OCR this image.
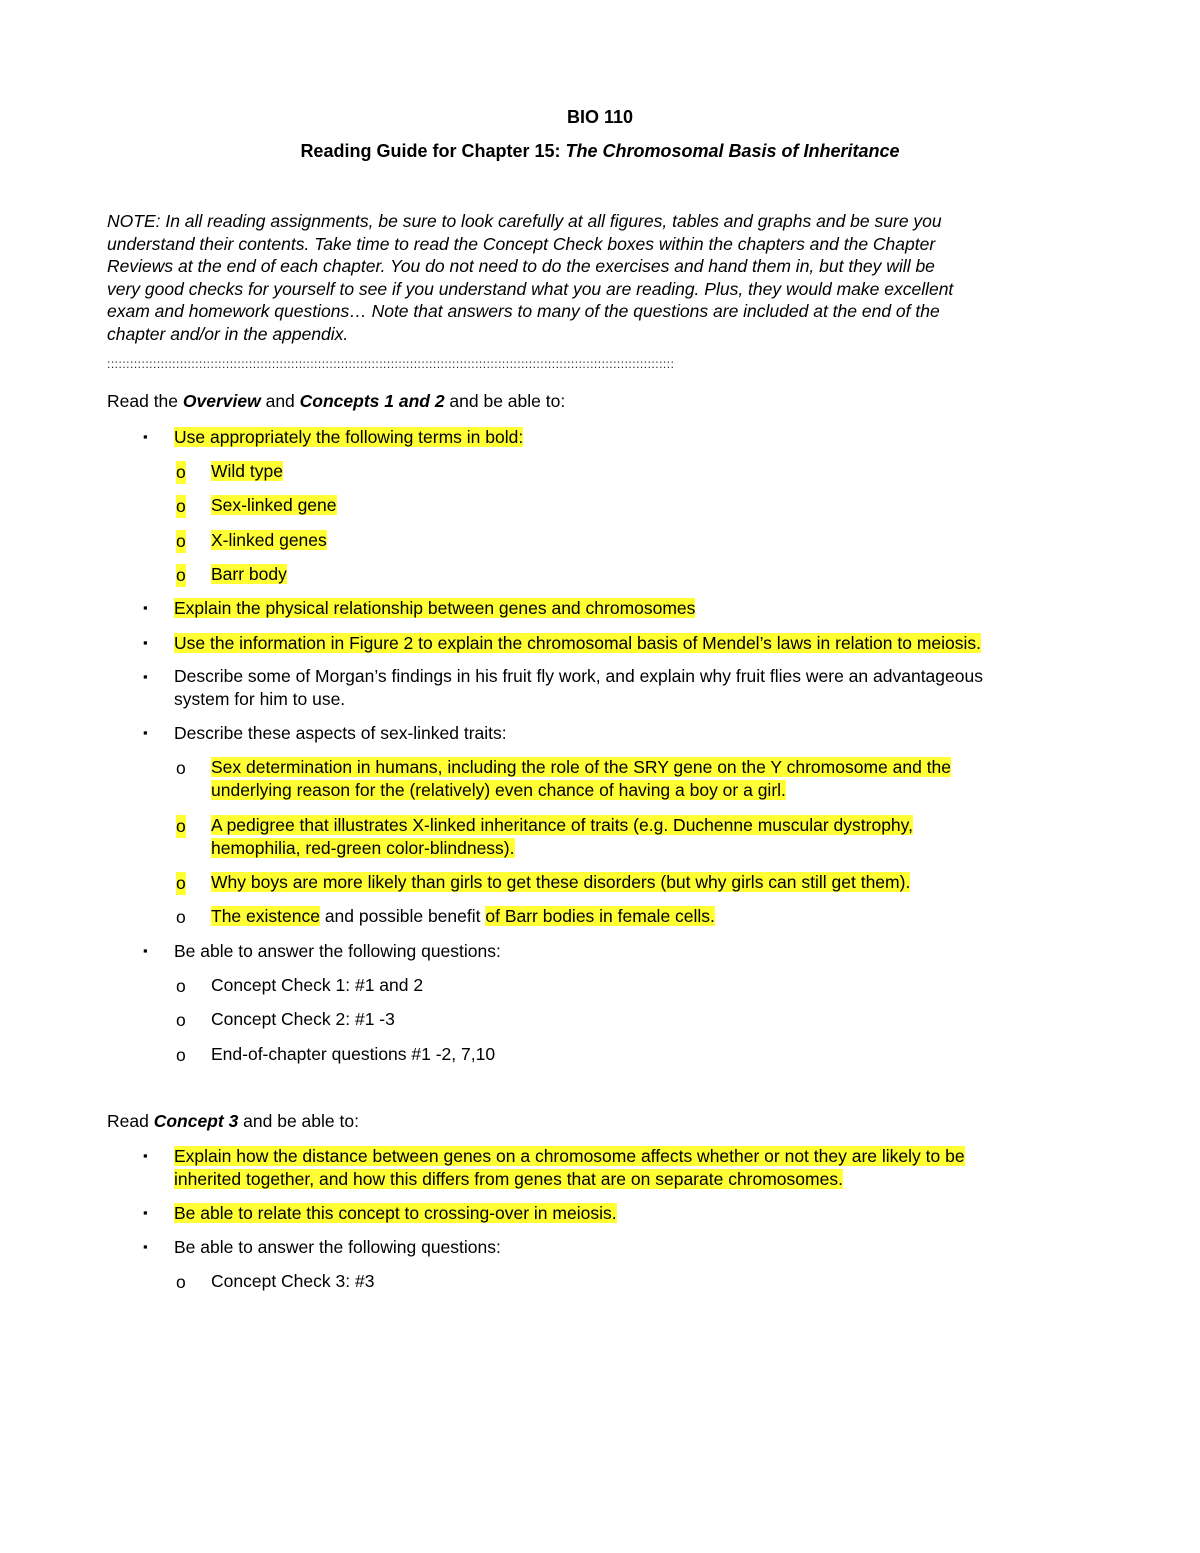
BIO 110
Reading Guide for Chapter 15: The Chromosomal Basis of Inheritance
NOTE: In all reading assignments, be sure to look carefully at all figures, tables and graphs and be sure you
understand their contents. Take time to read the Concept Check boxes within the chapters and the Chapter
Reviews at the end of each chapter. You do not need to do the exercises and hand them in, but they will be
very good checks for yourself to see if you understand what you are reading. Plus, they would make excellent
exam and homework questions… Note that answers to many of the questions are included at the end of the
chapter and/or in the appendix.
::::::::::::::::::::::::::::::::::::::::::::::::::::::::::::::::::::::::::::::::::::::::::::::::::::::::::::::::::::::::::::::::::::::::::::::::::::
Read the Overview and Concepts 1 and 2 and be able to:
▪ Use appropriately the following terms in bold:
o Wild type
o Sex-linked gene
o X-linked genes
o Barr body
▪ Explain the physical relationship between genes and chromosomes
▪ Use the information in Figure 2 to explain the chromosomal basis of Mendel’s laws in relation to meiosis.
▪ Describe some of Morgan’s findings in his fruit fly work, and explain why fruit flies were an advantageous
system for him to use.
▪ Describe these aspects of sex-linked traits:
o Sex determination in humans, including the role of the SRY gene on the Y chromosome and the
underlying reason for the (relatively) even chance of having a boy or a girl.
o A pedigree that illustrates X-linked inheritance of traits (e.g. Duchenne muscular dystrophy,
hemophilia, red-green color-blindness).
o Why boys are more likely than girls to get these disorders (but why girls can still get them).
o The existence and possible benefit of Barr bodies in female cells.
▪ Be able to answer the following questions:
o Concept Check 1: #1 and 2
o Concept Check 2: #1 -3
o End-of-chapter questions #1 -2, 7,10
Read Concept 3 and be able to:
▪ Explain how the distance between genes on a chromosome affects whether or not they are likely to be
inherited together, and how this differs from genes that are on separate chromosomes.
▪ Be able to relate this concept to crossing-over in meiosis.
▪ Be able to answer the following questions:
o Concept Check 3: #3
